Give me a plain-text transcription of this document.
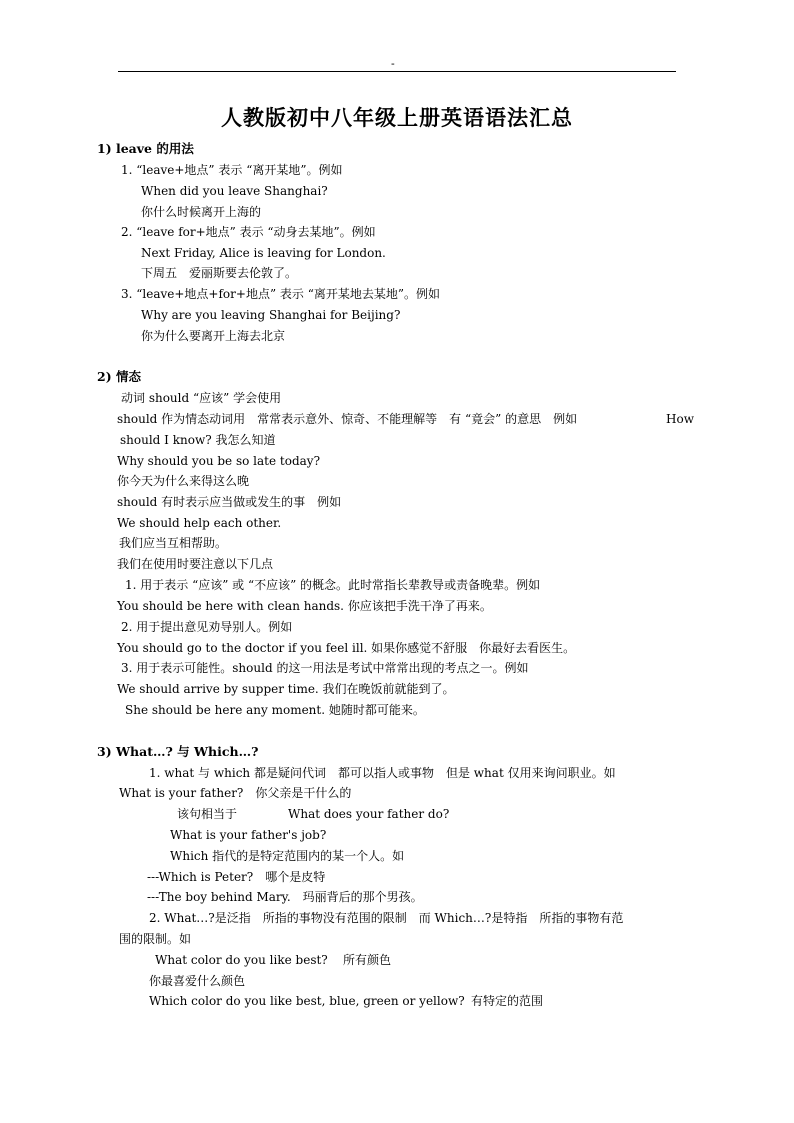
-
人教版初中八年级上册英语语法汇总
1) leave 的用法
1. “leave+地点” 表示 “离开某地”。例如
When did you leave Shanghai?
你什么时候离开上海的
2. “leave for+地点” 表示 “动身去某地”。例如
Next Friday, Alice is leaving for London.
下周五　爱丽斯要去伦敦了。
3. “leave+地点+for+地点” 表示 “离开某地去某地”。例如
Why are you leaving Shanghai for Beijing?
你为什么要离开上海去北京
2) 情态
动词 should “应该” 学会使用
should 作为情态动词用　常常表示意外、惊奇、不能理解等　有 “竟会” 的意思　例如	How
should I know? 我怎么知道
Why should you be so late today?
你今天为什么来得这么晚
should 有时表示应当做或发生的事　例如
We should help each other.
我们应当互相帮助。
我们在使用时要注意以下几点
1. 用于表示 “应该” 或 “不应该” 的概念。此时常指长辈教导或责备晚辈。例如
You should be here with clean hands. 你应该把手洗干净了再来。
2. 用于提出意见劝导别人。例如
You should go to the doctor if you feel ill. 如果你感觉不舒服　你最好去看医生。
3. 用于表示可能性。should 的这一用法是考试中常常出现的考点之一。例如
We should arrive by supper time. 我们在晚饭前就能到了。
She should be here any moment. 她随时都可能来。
3) What…? 与 Which…?
1. what 与 which 都是疑问代词　都可以指人或事物　但是 what 仅用来询问职业。如
What is your father?　你父亲是干什么的
该句相当于	What does your father do?
What is your father's job?
Which 指代的是特定范围内的某一个人。如
---Which is Peter?　哪个是皮特
---The boy behind Mary.　玛丽背后的那个男孩。
2. What…?是泛指　所指的事物没有范围的限制　而 Which…?是特指　所指的事物有范
围的限制。如
What color do you like best? 所有颜色
你最喜爱什么颜色
Which color do you like best, blue, green or yellow? 有特定的范围
